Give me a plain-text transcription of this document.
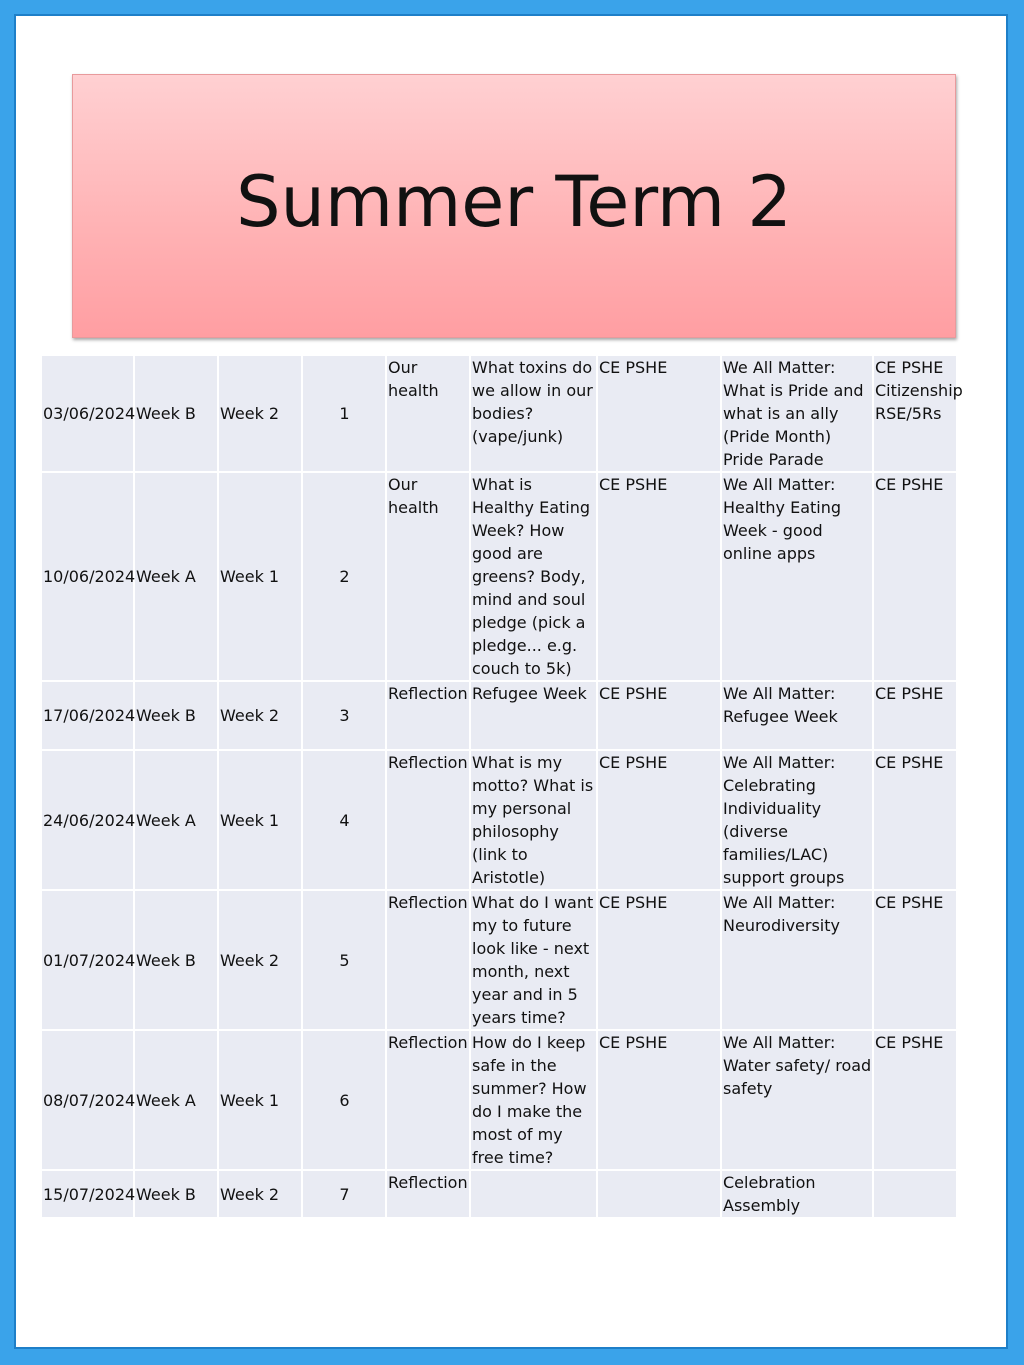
Summer Term 2
03/06/2024	Week B	Week 2	1	Our health	What toxins do we allow in our bodies? (vape/junk)	CE PSHE	We All Matter: What is Pride and what is an ally (Pride Month) Pride Parade	CE PSHE Citizenship RSE/5Rs
10/06/2024	Week A	Week 1	2	Our health	What is Healthy Eating Week? How good are greens? Body, mind and soul pledge (pick a pledge... e.g. couch to 5k)	CE PSHE	We All Matter: Healthy Eating Week - good online apps	CE PSHE
17/06/2024	Week B	Week 2	3	Reflection	Refugee Week	CE PSHE	We All Matter: Refugee Week	CE PSHE
24/06/2024	Week A	Week 1	4	Reflection	What is my motto? What is my personal philosophy (link to Aristotle)	CE PSHE	We All Matter: Celebrating Individuality (diverse families/LAC) support groups	CE PSHE
01/07/2024	Week B	Week 2	5	Reflection	What do I want my to future look like - next month, next year and in 5 years time?	CE PSHE	We All Matter: Neurodiversity	CE PSHE
08/07/2024	Week A	Week 1	6	Reflection	How do I keep safe in the summer? How do I make the most of my free time?	CE PSHE	We All Matter: Water safety/ road safety	CE PSHE
15/07/2024	Week B	Week 2	7	Reflection			Celebration Assembly	
